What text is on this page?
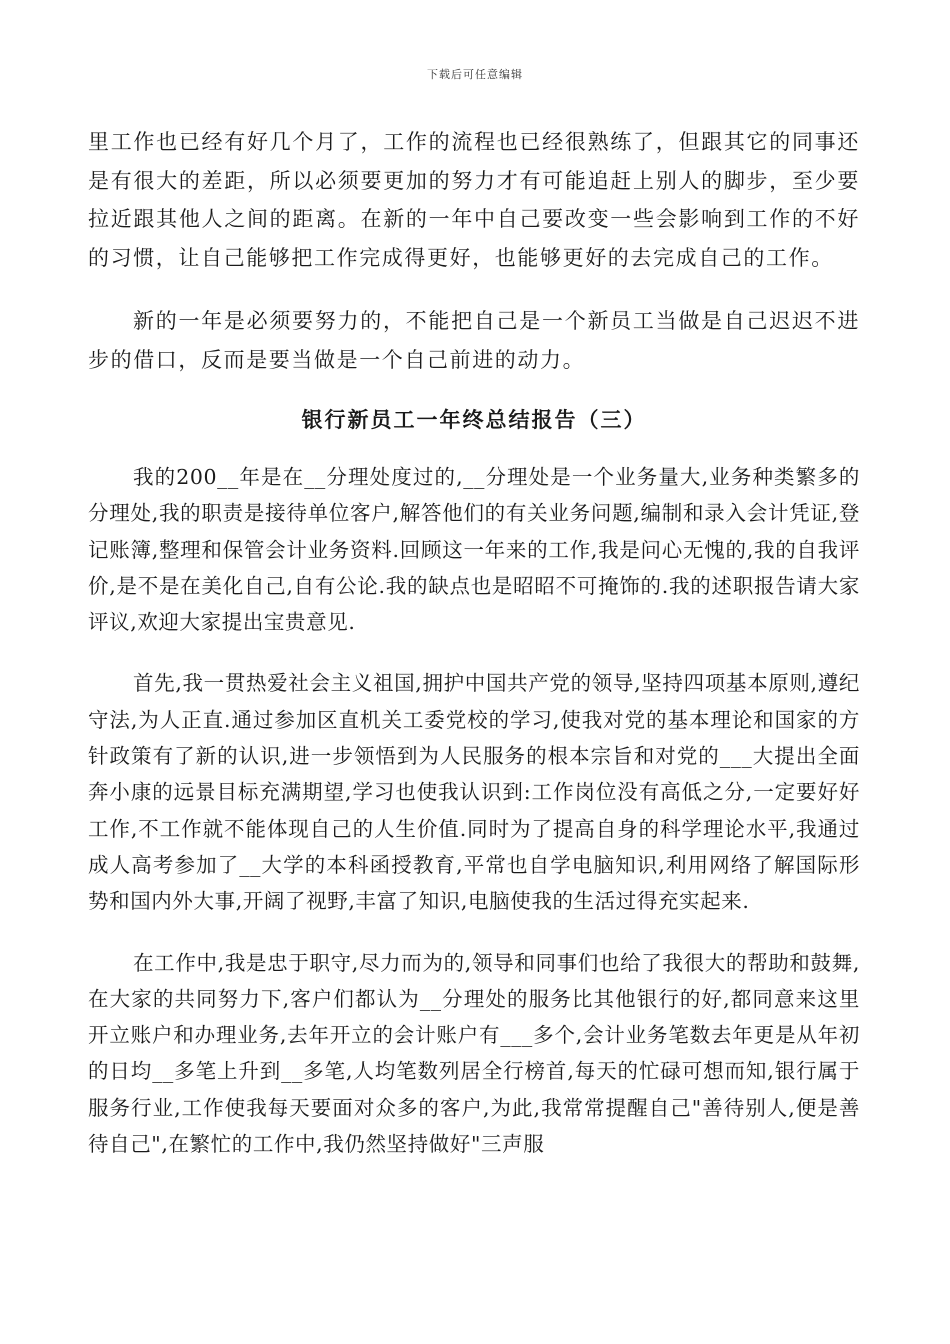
下载后可任意编辑

里工作也已经有好几个月了，工作的流程也已经很熟练了，但跟其它的同事还是有很大的差距，所以必须要更加的努力才有可能追赶上别人的脚步，至少要拉近跟其他人之间的距离。在新的一年中自己要改变一些会影响到工作的不好的习惯，让自己能够把工作完成得更好，也能够更好的去完成自己的工作。

新的一年是必须要努力的，不能把自己是一个新员工当做是自己迟迟不进步的借口，反而是要当做是一个自己前进的动力。

银行新员工一年终总结报告（三）

我的200__年是在__分理处度过的,__分理处是一个业务量大,业务种类繁多的分理处,我的职责是接待单位客户,解答他们的有关业务问题,编制和录入会计凭证,登记账簿,整理和保管会计业务资料.回顾这一年来的工作,我是问心无愧的,我的自我评价,是不是在美化自己,自有公论.我的缺点也是昭昭不可掩饰的.我的述职报告请大家评议,欢迎大家提出宝贵意见.

首先,我一贯热爱社会主义祖国,拥护中国共产党的领导,坚持四项基本原则,遵纪守法,为人正直.通过参加区直机关工委党校的学习,使我对党的基本理论和国家的方针政策有了新的认识,进一步领悟到为人民服务的根本宗旨和对党的___大提出全面奔小康的远景目标充满期望,学习也使我认识到:工作岗位没有高低之分,一定要好好工作,不工作就不能体现自己的人生价值.同时为了提高自身的科学理论水平,我通过成人高考参加了__大学的本科函授教育,平常也自学电脑知识,利用网络了解国际形势和国内外大事,开阔了视野,丰富了知识,电脑使我的生活过得充实起来.

在工作中,我是忠于职守,尽力而为的,领导和同事们也给了我很大的帮助和鼓舞,在大家的共同努力下,客户们都认为__分理处的服务比其他银行的好,都同意来这里开立账户和办理业务,去年开立的会计账户有___多个,会计业务笔数去年更是从年初的日均__多笔上升到__多笔,人均笔数列居全行榜首,每天的忙碌可想而知,银行属于服务行业,工作使我每天要面对众多的客户,为此,我常常提醒自己"善待别人,便是善待自己",在繁忙的工作中,我仍然坚持做好"三声服
